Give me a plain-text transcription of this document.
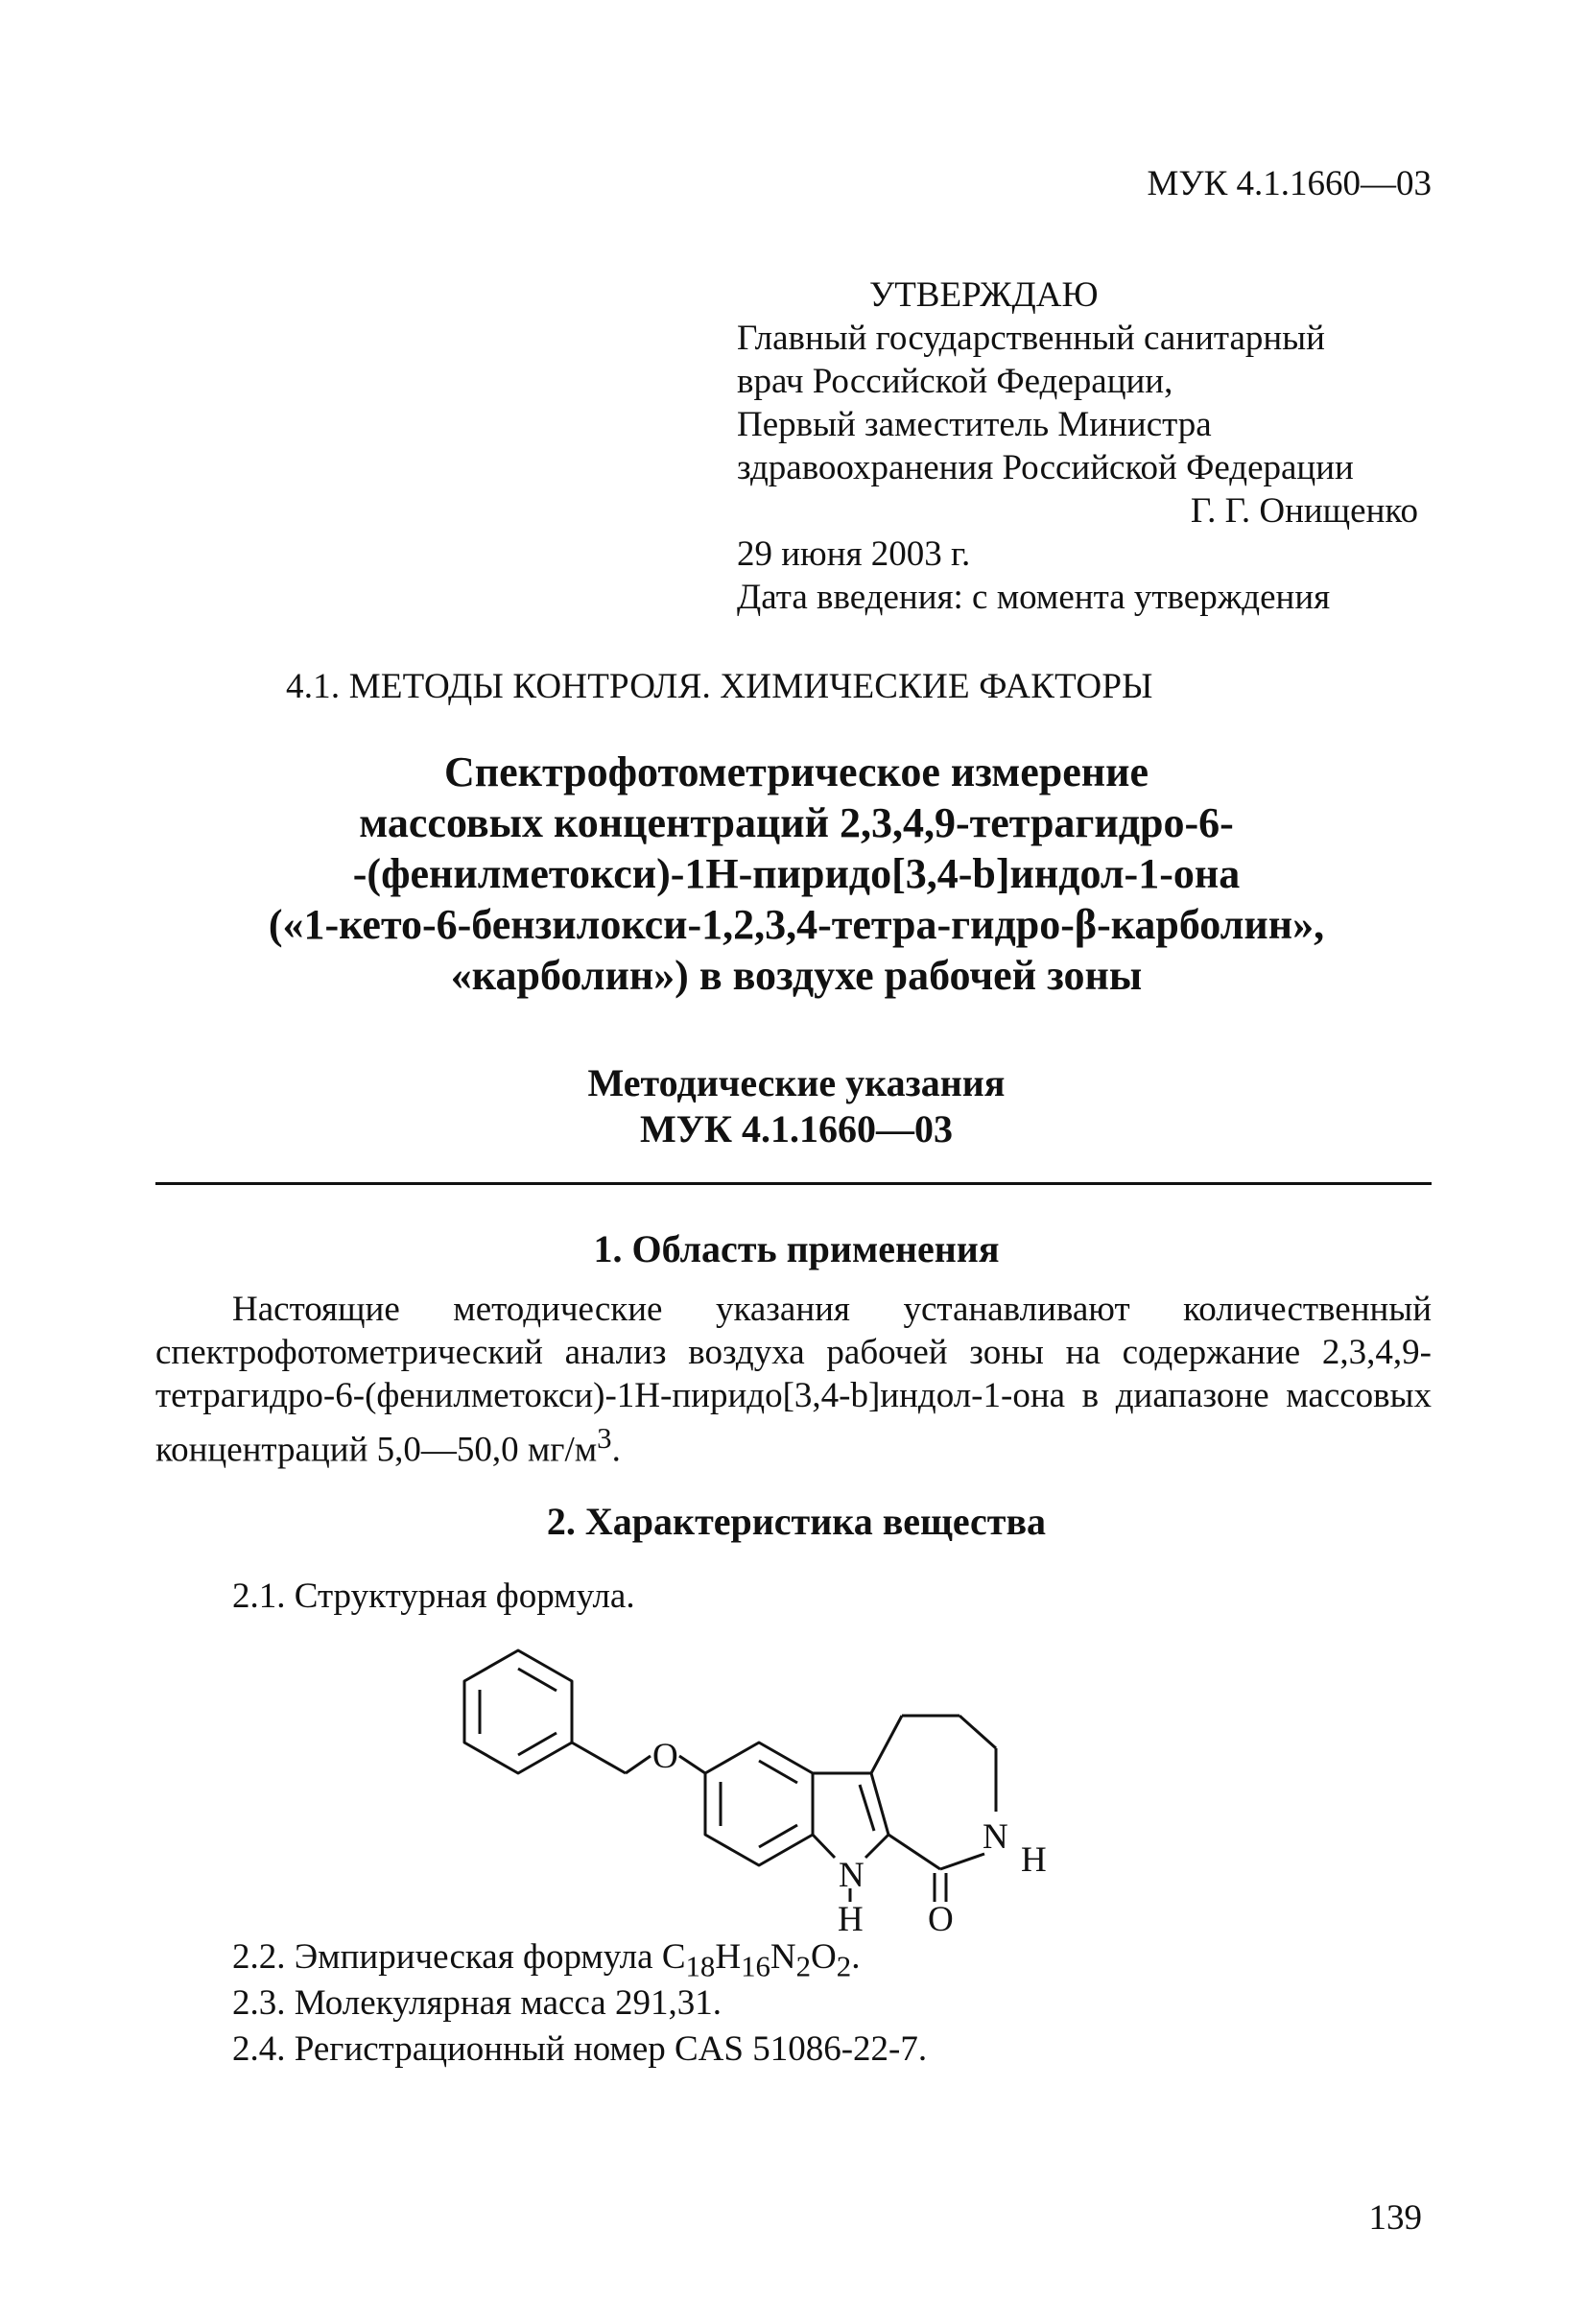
МУК 4.1.1660—03
УТВЕРЖДАЮ
Главный государственный санитарный
врач Российской Федерации,
Первый заместитель Министра
здравоохранения Российской Федерации
Г. Г. Онищенко
29 июня 2003 г.
Дата введения: с момента утверждения
4.1. МЕТОДЫ КОНТРОЛЯ. ХИМИЧЕСКИЕ ФАКТОРЫ
Спектрофотометрическое измерение
массовых концентраций 2,3,4,9-тетрагидро-6-
-(фенилметокси)-1Н-пиридо[3,4-b]индол-1-она
(«1-кето-6-бензилокси-1,2,3,4-тетра-гидро-β-карболин»,
«карболин») в воздухе рабочей зоны
Методические указания
МУК 4.1.1660—03
1. Область применения
Настоящие методические указания устанавливают количественный спектрофотометрический анализ воздуха рабочей зоны на содержание 2,3,4,9-тетрагидро-6-(фенилметокси)-1Н-пиридо[3,4-b]индол-1-она в диапазоне массовых концентраций 5,0—50,0 $мг/м^3$.
2. Характеристика вещества
2.1. Структурная формула.
O
N
H
N
H O
2.2. Эмпирическая формула $C_{18}H_{16}N_2O_2$.
2.3. Молекулярная масса 291,31.
2.4. Регистрационный номер CAS 51086-22-7.
139
